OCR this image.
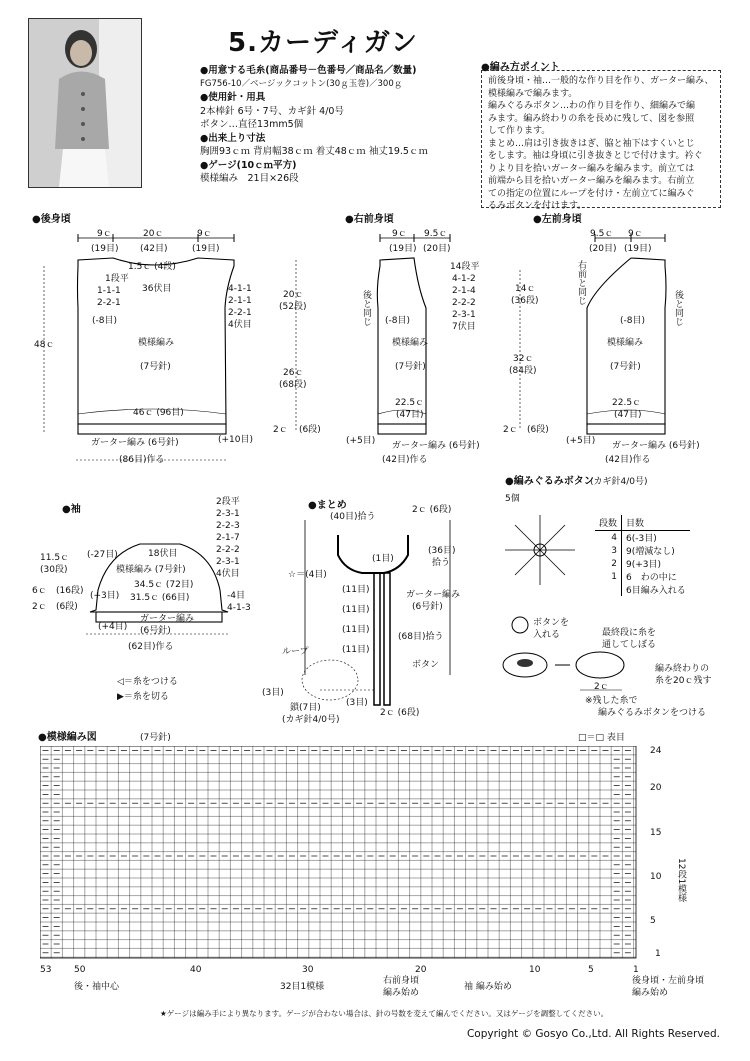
5.カーディガン
●用意する毛糸(商品番号－色番号／商品名／数量)
FG756-10／ベージックコットン(30ｇ玉巻)／300ｇ
●使用針・用具
2本棒針 6号・7号、カギ針 4/0号
ボタン…直径13mm5個
●出来上り寸法
胸囲93ｃｍ 背肩幅38ｃｍ 着丈48ｃｍ 袖丈19.5ｃｍ
●ゲージ(10ｃｍ平方)
模様編み　21目×26段
●編み方ポイント
前後身頃・袖…一般的な作り目を作り、ガーター編み、
模様編みで編みます。
編みぐるみボタン…わの作り目を作り、細編みで編
みます。編み終わりの糸を長めに残して、図を参照
して作ります。
まとめ…肩は引き抜きはぎ、脇と袖下はすくいとじ
をします。袖は身頃に引き抜きとじで付けます。衿ぐ
りより目を拾いガーター編みを編みます。前立ては
前端から目を拾いガーター編みを編みます。右前立
ての指定の位置にループを付け・左前立てに編みぐ
るみボタンを付けます。
●後身頃
9ｃ	20ｃ	9ｃ
(19目) (42目)	(19目)
1.5ｃ (4段)
36伏目
1段平
1-1-1
2-2-1
4-1-1
2-1-1
2-2-1
4伏目
(-8目)
模様編み
(7号針)
48ｃ
46ｃ (96目)
ガーター編み (6号針)
(86目)作る
(+10目)
20ｃ
(52段)
26ｃ
(68段)
2ｃ (6段)
●右前身頃
9ｃ 9.5ｃ
(19目) (20目)
14段平
4-1-2
2-1-4
2-2-2
2-3-1
7伏目
後と同じ (-8目)
模様編み
(7号針)
22.5ｃ
(47目)
(+5目) ガーター編み (6号針)
(42目)作る
14ｃ
(36段)
32ｃ
(84段)
2ｃ (6段)
●左前身頃
9.5ｃ 9ｃ
(20目) (19目)
右前と同じ
後と同じ
(-8目)
模様編み
(7号針)
22.5ｃ
(47目)
(+5目) ガーター編み (6号針)
(42目)作る
●袖
2段平
2-3-1
2-2-3
2-1-7
2-2-2
2-3-1
4伏目
(-27目)	18伏目
模様編み (7号針)
11.5ｃ
(30段)
6ｃ (16段)
2ｃ (6段)
34.5ｃ (72目)
31.5ｃ (66目)
(+3目)	-4目
4-1-3
(+4目)
ガーター編み
(6号針)
(62目)作る
◁＝糸をつける
▶＝糸を切る
●まとめ
(40目)拾う
2ｃ (6段)
(36目)
拾う
(1目)
☆＝(4目)
(11目)
(11目)
(11目)
(11目)
ガーター編み
(6号針)
(68目)拾う
ボタン
(3目)
2ｃ (6段)
ループ
鎖(7目)
(カギ針4/0号)
(3目)
●編みぐるみボタン
(カギ針4/0号)
5個
段数	目数
4	6(-3目)
3	9(増減なし)
2	9(+3目)
1	6　わの中に
	6目編み入れる
ボタンを
入れる	最終段に糸を
通してしぼる
編み終わりの
糸を20ｃ残す
2ｃ
※残した糸で
編みぐるみボタンをつける
●模様編み図	(7号針)	□＝□ 表目
24
20
15
10
5
1
12段1模様
53	50	40	30	20	10	5	1
後・袖中心	32目1模様
右前身頃
編み始め
袖 編み始め
後身頃・左前身頃
編み始め
★ゲージは編み手により異なります。ゲージが合わない場合は、針の号数を変えて編んでください。又はゲージを調整してください。
Copyright © Gosyo Co.,Ltd. All Rights Reserved.
